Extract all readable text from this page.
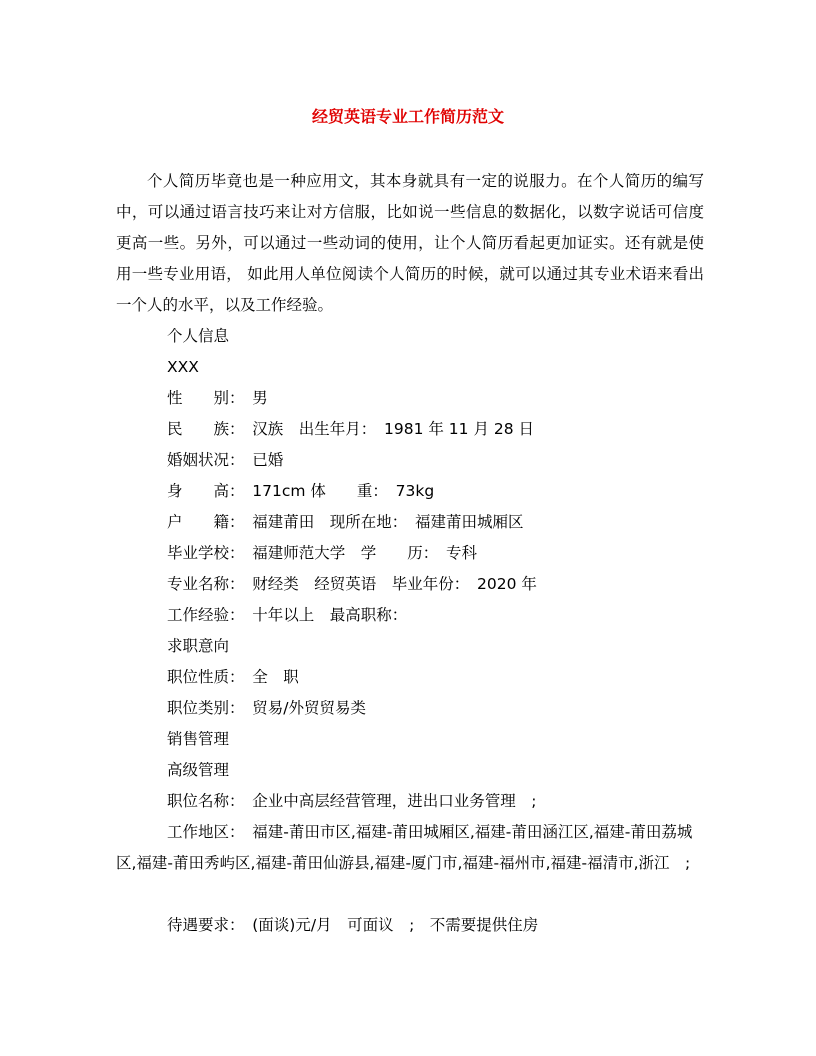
经贸英语专业工作简历范文
个人简历毕竟也是一种应用文，其本身就具有一定的说服力。在个人简历的编写中，可以通过语言技巧来让对方信服，比如说一些信息的数据化，以数字说话可信度更高一些。另外，可以通过一些动词的使用，让个人简历看起更加证实。还有就是使用一些专业用语， 如此用人单位阅读个人简历的时候，就可以通过其专业术语来看出一个人的水平，以及工作经验。
个人信息
XXX
性　　别：　男
民　　族：　汉族　出生年月：　1981 年 11 月 28 日
婚姻状况：　已婚
身　　高：　171cm 体　　重：　73kg
户　　籍：　福建莆田　现所在地：　福建莆田城厢区
毕业学校：　福建师范大学　学　　历：　专科
专业名称：　财经类　经贸英语　毕业年份：　2020 年
工作经验：　十年以上　最高职称：
求职意向
职位性质：　全　职
职位类别：　贸易/外贸贸易类
销售管理
高级管理
职位名称：　企业中高层经营管理，进出口业务管理　;
工作地区：　福建-莆田市区,福建-莆田城厢区,福建-莆田涵江区,福建-莆田荔城区,福建-莆田秀屿区,福建-莆田仙游县,福建-厦门市,福建-福州市,福建-福清市,浙江　;
待遇要求：　(面谈)元/月　可面议　;　不需要提供住房
